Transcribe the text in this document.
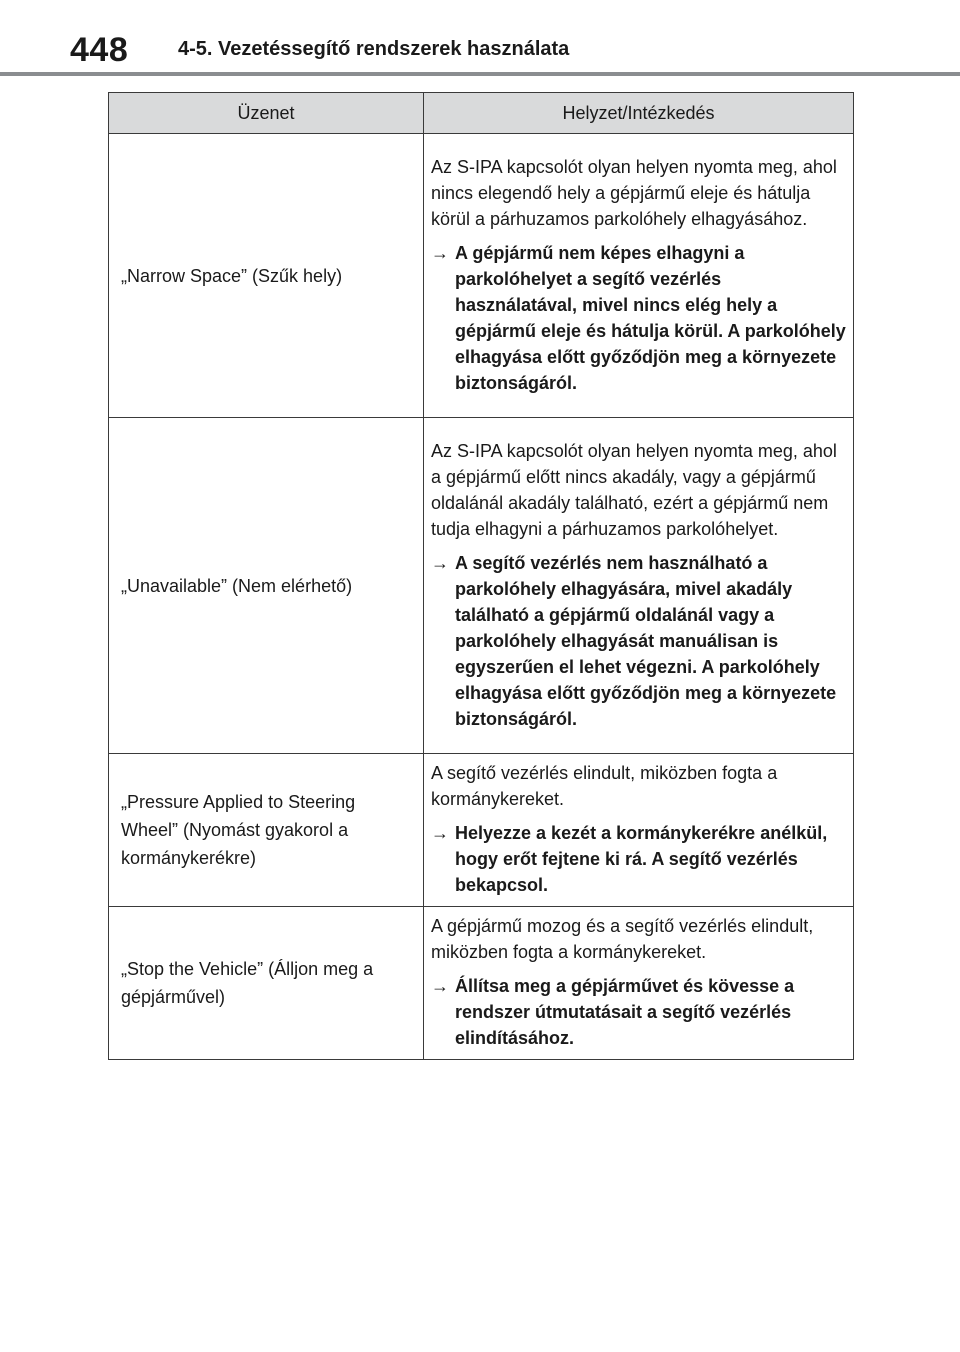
448 4-5. Vezetéssegítő rendszerek használata
Üzenet	Helyzet/Intézkedés
„Narrow Space” (Szűk hely)	Az S-IPA kapcsolót olyan helyen nyomta meg, ahol nincs elegendő hely a gépjármű eleje és hátulja körül a párhuzamos parkolóhely elhagyásához.
→ A gépjármű nem képes elhagyni a parkolóhelyet a segítő vezérlés használatával, mivel nincs elég hely a gépjármű eleje és hátulja körül. A parkolóhely elhagyása előtt győződjön meg a környezete biztonságáról.

„Unavailable” (Nem elérhető)	Az S-IPA kapcsolót olyan helyen nyomta meg, ahol a gépjármű előtt nincs akadály, vagy a gépjármű oldalánál akadály található, ezért a gépjármű nem tudja elhagyni a párhuzamos parkolóhelyet.
→ A segítő vezérlés nem használható a parkolóhely elhagyására, mivel akadály található a gépjármű oldalánál vagy a parkolóhely elhagyását manuálisan is egyszerűen el lehet végezni. A parkolóhely elhagyása előtt győződjön meg a környezete biztonságáról.

„Pressure Applied to Steering Wheel” (Nyomást gyakorol a kormánykerékre)	A segítő vezérlés elindult, miközben fogta a kormánykereket.
→ Helyezze a kezét a kormánykerékre anélkül, hogy erőt fejtene ki rá. A segítő vezérlés bekapcsol.

„Stop the Vehicle” (Álljon meg a gépjárművel)	A gépjármű mozog és a segítő vezérlés elindult, miközben fogta a kormánykereket.
→ Állítsa meg a gépjárművet és kövesse a rendszer útmutatásait a segítő vezérlés elindításához.
